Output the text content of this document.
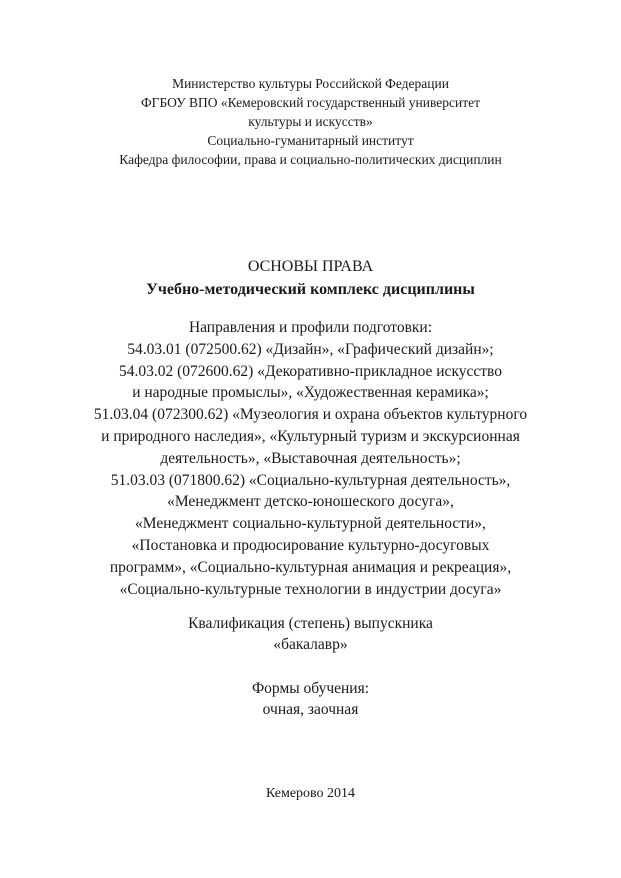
Министерство культуры Российской Федерации
ФГБОУ ВПО «Кемеровский государственный университет
культуры и искусств»
Социально-гуманитарный институт
Кафедра философии, права и социально-политических дисциплин
ОСНОВЫ ПРАВА
Учебно-методический комплекс дисциплины
Направления и профили подготовки:
54.03.01 (072500.62) «Дизайн», «Графический дизайн»;
54.03.02 (072600.62) «Декоративно-прикладное искусство
и народные промыслы», «Художественная керамика»;
51.03.04 (072300.62) «Музеология и охрана объектов культурного
и природного наследия», «Культурный туризм и экскурсионная
деятельность», «Выставочная деятельность»;
51.03.03 (071800.62) «Социально-культурная деятельность»,
«Менеджмент детско-юношеского досуга»,
«Менеджмент социально-культурной деятельности»,
«Постановка и продюсирование культурно-досуговых
программ», «Социально-культурная анимация и рекреация»,
«Социально-культурные технологии в индустрии досуга»
Квалификация (степень) выпускника
«бакалавр»
Формы обучения:
очная, заочная
Кемерово 2014
